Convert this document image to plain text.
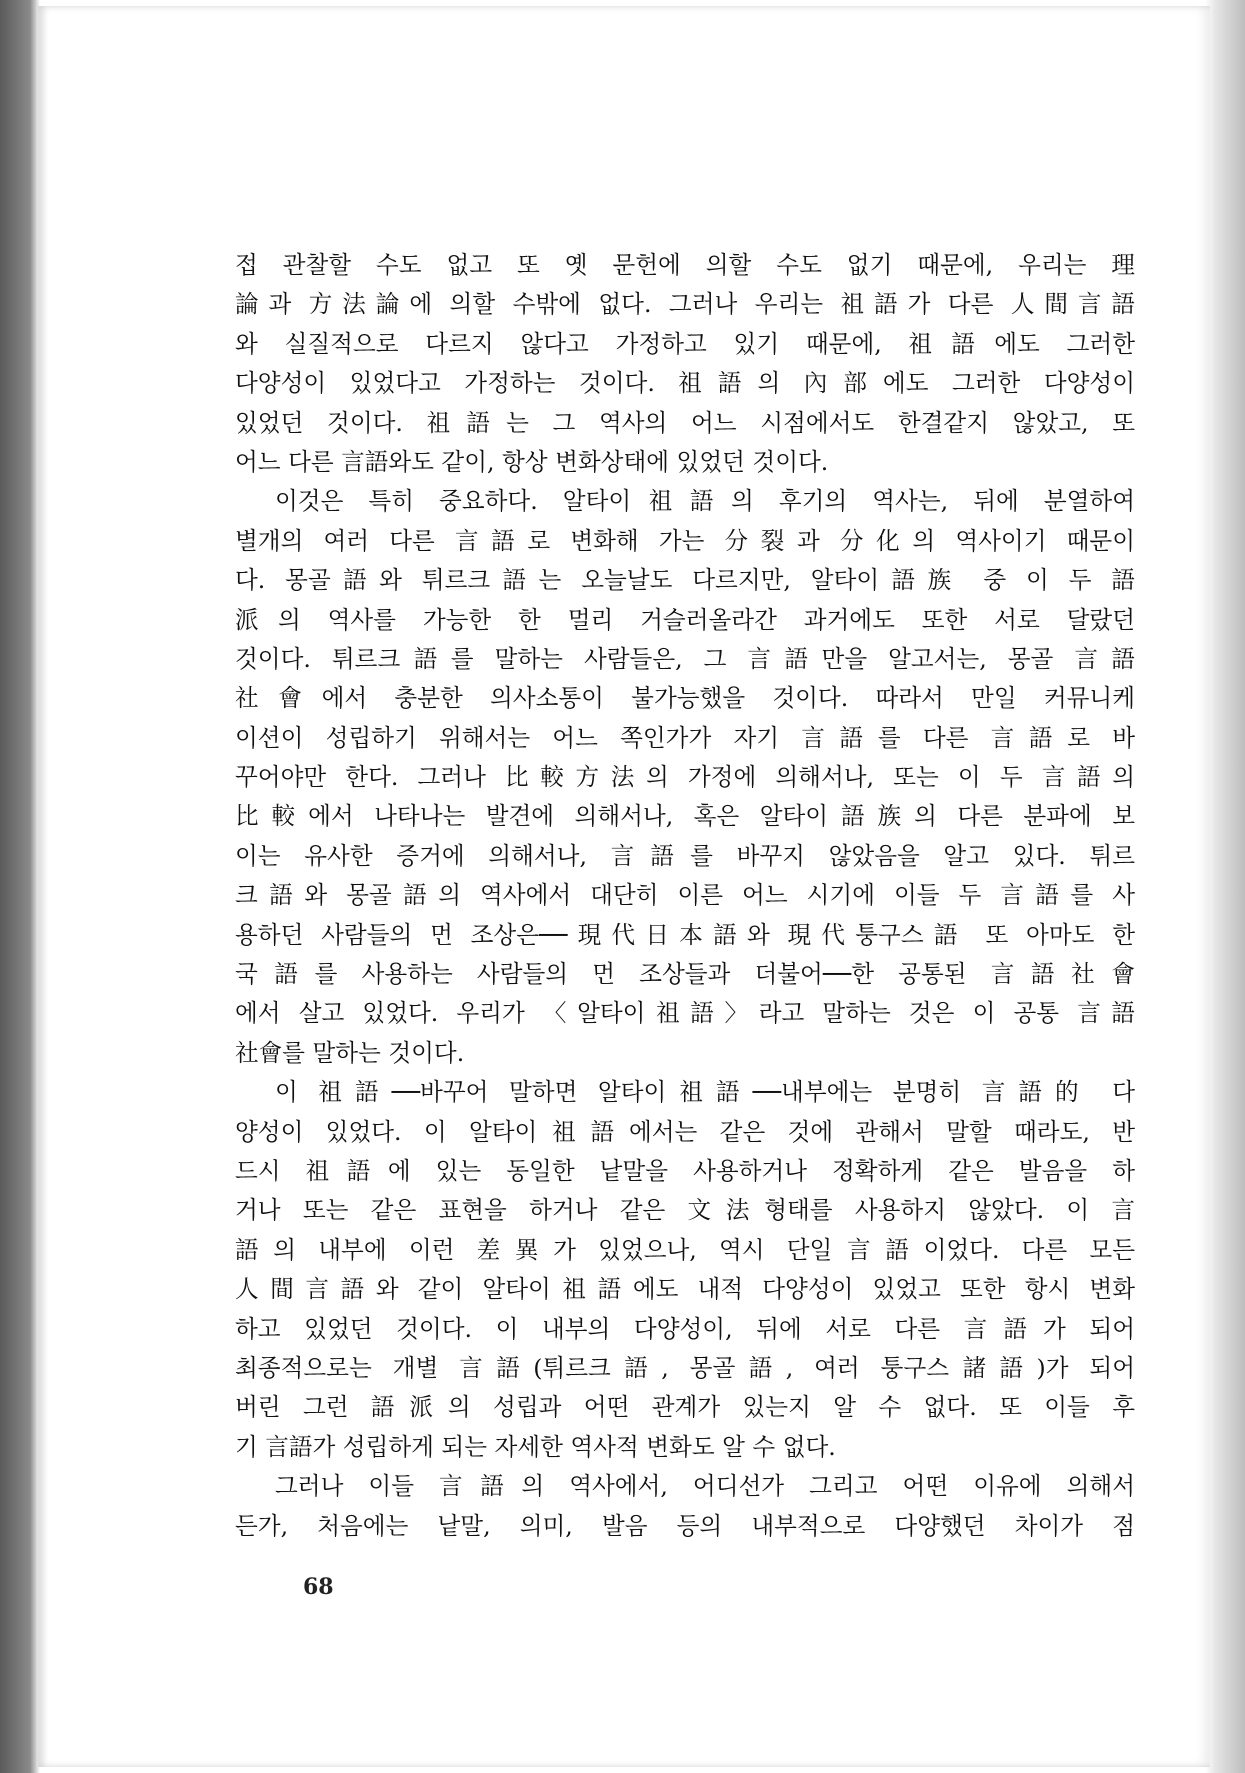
접 관찰할 수도 없고 또 옛 문헌에 의할 수도 없기 때문에, 우리는 理
論과 方法論에 의할 수밖에 없다. 그러나 우리는 祖語가 다른 人間言語
와 실질적으로 다르지 않다고 가정하고 있기 때문에, 祖語에도 그러한
다양성이 있었다고 가정하는 것이다. 祖語의 內部에도 그러한 다양성이
있었던 것이다. 祖語는 그 역사의 어느 시점에서도 한결같지 않았고, 또
어느 다른 言語와도 같이, 항상 변화상태에 있었던 것이다.
이것은 특히 중요하다. 알타이祖語의 후기의 역사는, 뒤에 분열하여
별개의 여러 다른 言語로 변화해 가는 分裂과 分化의 역사이기 때문이
다. 몽골語와 튀르크語는 오늘날도 다르지만, 알타이語族 중 이 두 語
派의 역사를 가능한 한 멀리 거슬러올라간 과거에도 또한 서로 달랐던
것이다. 튀르크語를 말하는 사람들은, 그 言語만을 알고서는, 몽골 言語
社會에서 충분한 의사소통이 불가능했을 것이다. 따라서 만일 커뮤니케
이션이 성립하기 위해서는 어느 쪽인가가 자기 言語를 다른 言語로 바
꾸어야만 한다. 그러나 比較方法의 가정에 의해서나, 또는 이 두 言語의
比較에서 나타나는 발견에 의해서나, 혹은 알타이語族의 다른 분파에 보
이는 유사한 증거에 의해서나, 言語를 바꾸지 않았음을 알고 있다. 튀르
크語와 몽골語의 역사에서 대단히 이른 어느 시기에 이들 두 言語를 사
용하던 사람들의 먼 조상은──現代日本語와 現代퉁구스語 또 아마도 한
국語를 사용하는 사람들의 먼 조상들과 더불어──한 공통된 言語社會
에서 살고 있었다. 우리가 〈알타이祖語〉라고 말하는 것은 이 공통 言語
社會를 말하는 것이다.
이 祖語──바꾸어 말하면 알타이祖語──내부에는 분명히 言語的 다
양성이 있었다. 이 알타이祖語에서는 같은 것에 관해서 말할 때라도, 반
드시 祖語에 있는 동일한 낱말을 사용하거나 정확하게 같은 발음을 하
거나 또는 같은 표현을 하거나 같은 文法형태를 사용하지 않았다. 이 言
語의 내부에 이런 差異가 있었으나, 역시 단일言語이었다. 다른 모든
人間言語와 같이 알타이祖語에도 내적 다양성이 있었고 또한 항시 변화
하고 있었던 것이다. 이 내부의 다양성이, 뒤에 서로 다른 言語가 되어
최종적으로는 개별 言語(튀르크語, 몽골語, 여러 퉁구스諸語)가 되어
버린 그런 語派의 성립과 어떤 관계가 있는지 알 수 없다. 또 이들 후
기 言語가 성립하게 되는 자세한 역사적 변화도 알 수 없다.
그러나 이들 言語의 역사에서, 어디선가 그리고 어떤 이유에 의해서
든가, 처음에는 낱말, 의미, 발음 등의 내부적으로 다양했던 차이가 점
68
